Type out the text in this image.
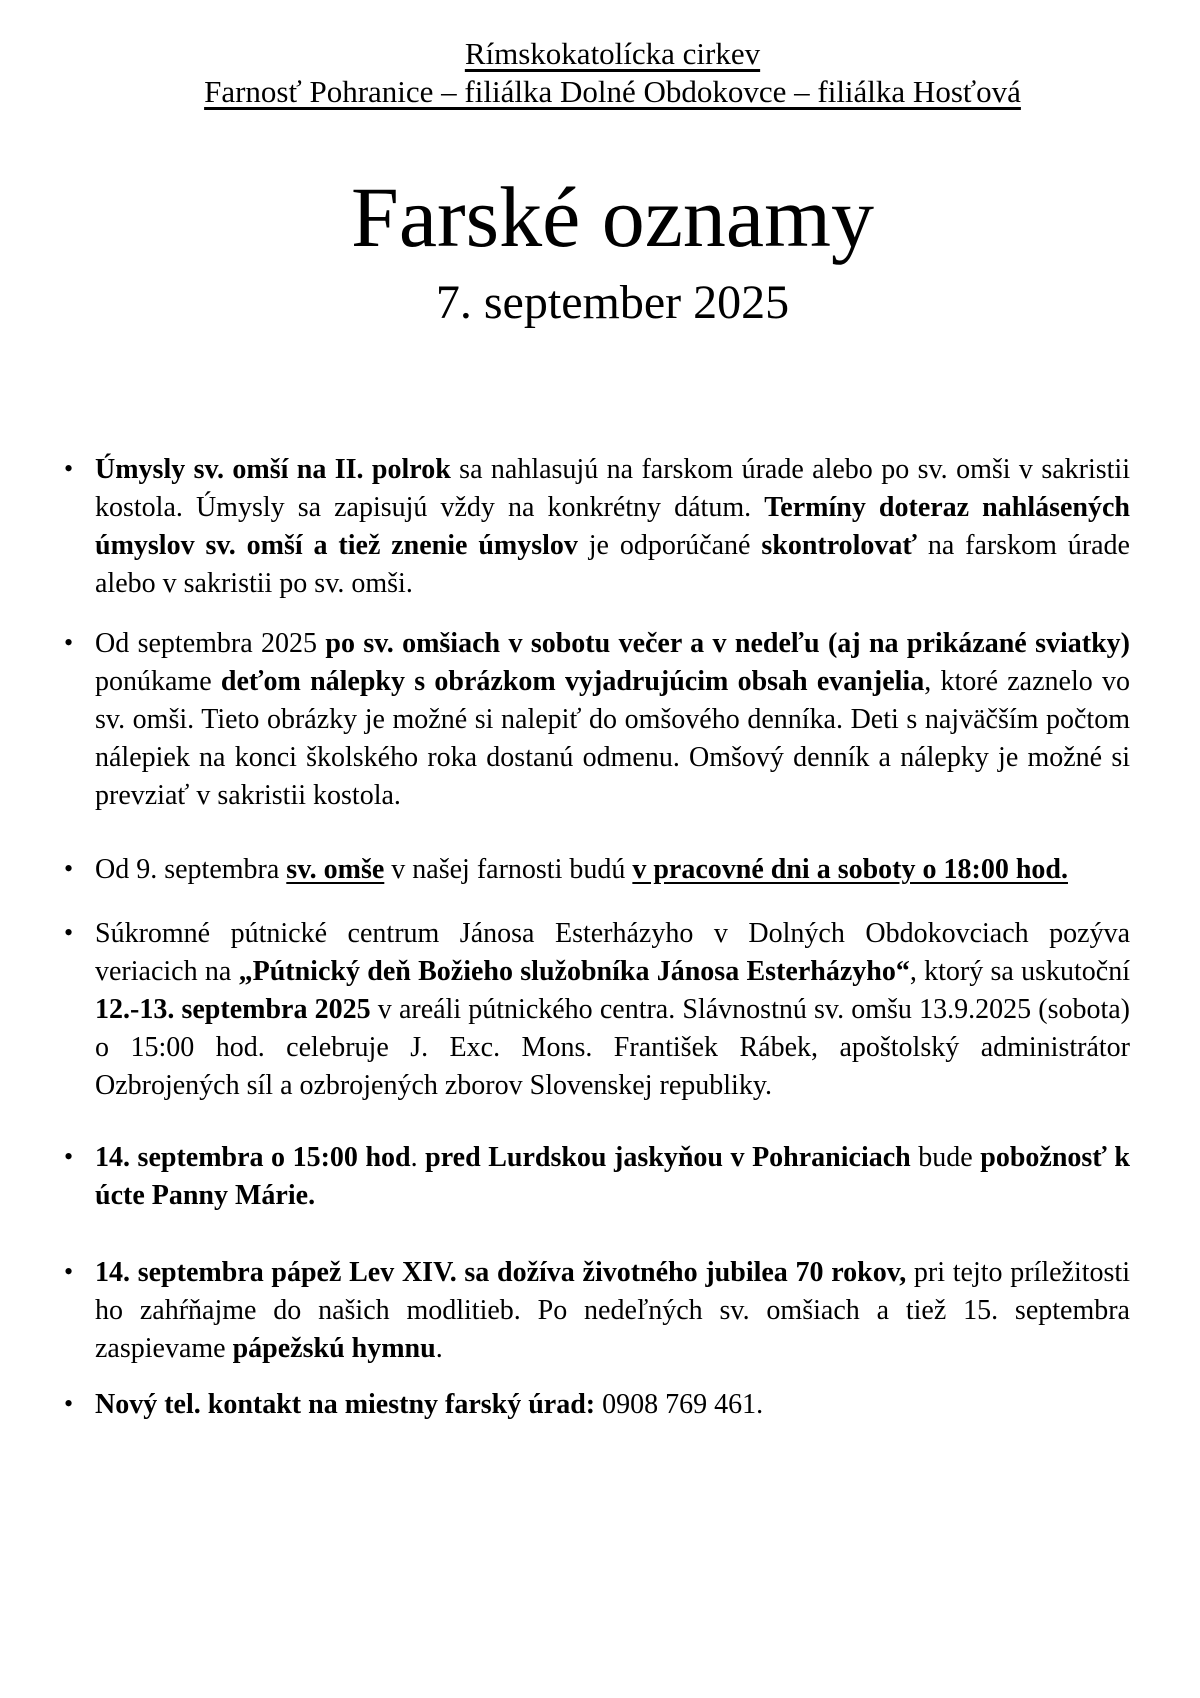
Rímskokatolícka cirkev
Farnosť Pohranice – filiálka Dolné Obdokovce – filiálka Hosťová
Farské oznamy
7. september 2025
• Úmysly sv. omší na II. polrok sa nahlasujú na farskom úrade alebo po sv. omši v sakristii kostola. Úmysly sa zapisujú vždy na konkrétny dátum. Termíny doteraz nahlásených úmyslov sv. omší a tiež znenie úmyslov je odporúčané skontrolovať na farskom úrade alebo v sakristii po sv. omši.
• Od septembra 2025 po sv. omšiach v sobotu večer a v nedeľu (aj na prikázané sviatky) ponúkame deťom nálepky s obrázkom vyjadrujúcim obsah evanjelia, ktoré zaznelo vo sv. omši. Tieto obrázky je možné si nalepiť do omšového denníka. Deti s najväčším počtom nálepiek na konci školského roka dostanú odmenu. Omšový denník a nálepky je možné si prevziať v sakristii kostola.
• Od 9. septembra sv. omše v našej farnosti budú v pracovné dni a soboty o 18:00 hod.
• Súkromné pútnické centrum Jánosa Esterházyho v Dolných Obdokovciach pozýva veriacich na „Pútnický deň Božieho služobníka Jánosa Esterházyho“, ktorý sa uskutoční 12.-13. septembra 2025 v areáli pútnického centra. Slávnostnú sv. omšu 13.9.2025 (sobota) o 15:00 hod. celebruje J. Exc. Mons. František Rábek, apoštolský administrátor Ozbrojených síl a ozbrojených zborov Slovenskej republiky.
• 14. septembra o 15:00 hod. pred Lurdskou jaskyňou v Pohraniciach bude pobožnosť k úcte Panny Márie.
• 14. septembra pápež Lev XIV. sa dožíva životného jubilea 70 rokov, pri tejto príležitosti ho zahŕňajme do našich modlitieb. Po nedeľných sv. omšiach a tiež 15. septembra zaspievame pápežskú hymnu.
• Nový tel. kontakt na miestny farský úrad: 0908 769 461.
